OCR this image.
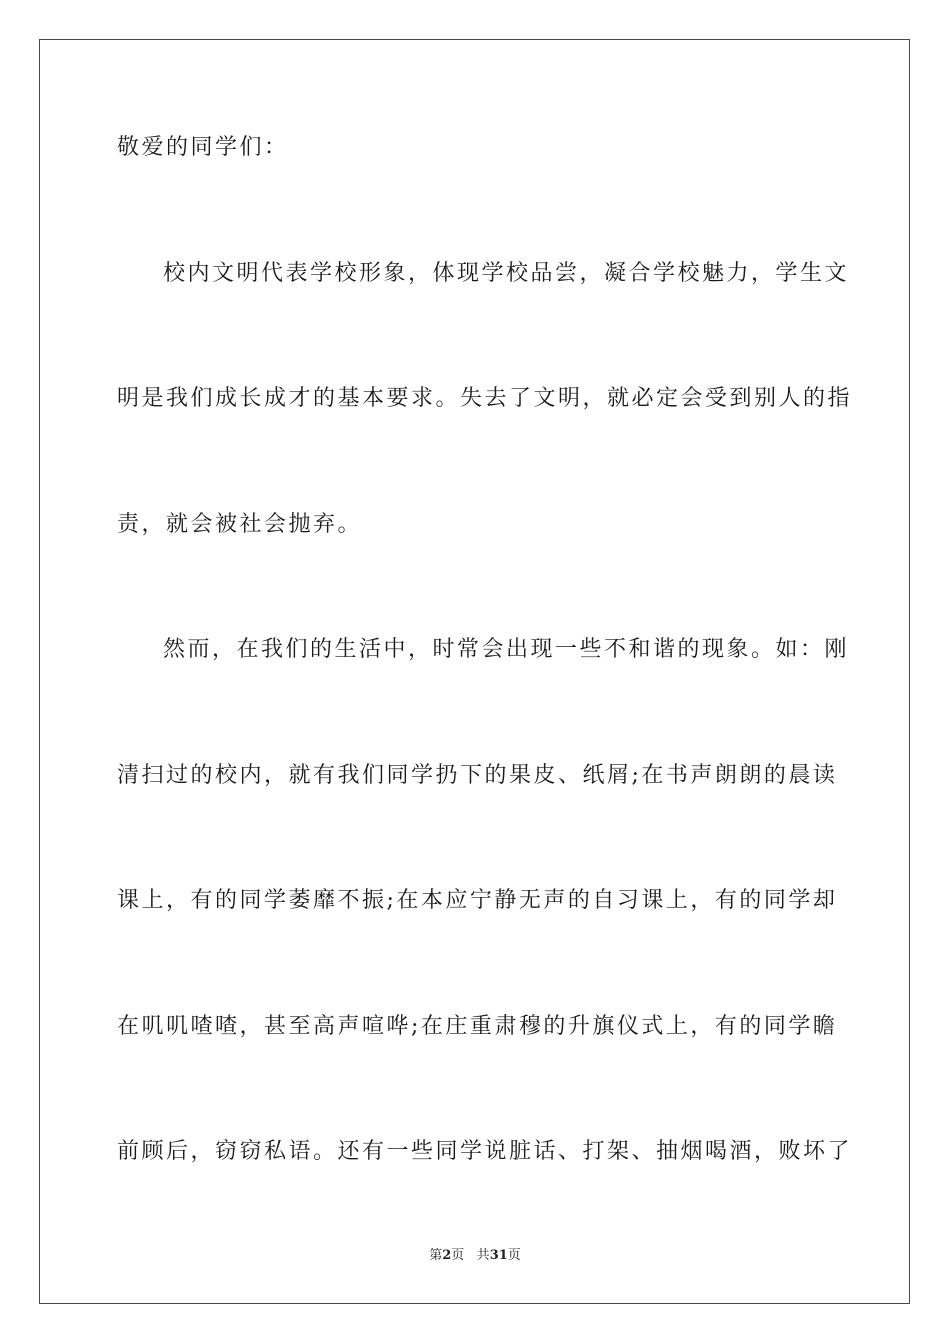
敬爱的同学们：
校内文明代表学校形象，体现学校品尝，凝合学校魅力，学生文
明是我们成长成才的基本要求。失去了文明，就必定会受到别人的指
责，就会被社会抛弃。
然而，在我们的生活中，时常会出现一些不和谐的现象。如：刚
清扫过的校内，就有我们同学扔下的果皮、纸屑;在书声朗朗的晨读
课上，有的同学萎靡不振;在本应宁静无声的自习课上，有的同学却
在叽叽喳喳，甚至高声喧哗;在庄重肃穆的升旗仪式上，有的同学瞻
前顾后，窃窃私语。还有一些同学说脏话、打架、抽烟喝酒，败坏了
第2页 共31页
